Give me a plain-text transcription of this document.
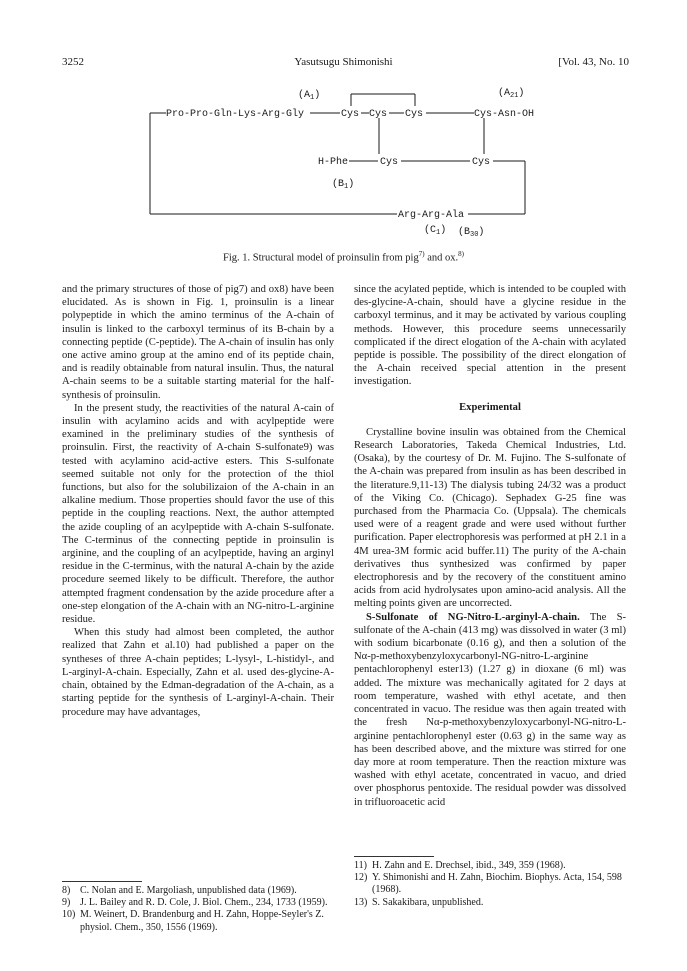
3252	Yasutsugu Shimonishi	[Vol. 43, No. 10
$(A_1)$	$(A_{21})$
Pro-Pro-Gln-Lys-Arg-Gly	Cys Cys Cys	Cys-Asn-OH
H-Phe	Cys	Cys
$(B_1)$
Arg-Arg-Ala
$(C_1)$ $(B_{30})$
Fig. 1. Structural model of proinsulin from pig$^{7)}$ and ox.$^{8)}$

and the primary structures of those of pig7) and ox8) have been elucidated. As is shown in Fig. 1, proinsulin is a linear polypeptide in which the amino terminus of the A-chain of insulin is linked to the carboxyl terminus of its B-chain by a connecting peptide (C-peptide). The A-chain of insulin has only one active amino group at the amino end of its peptide chain, and is readily obtainable from natural insulin. Thus, the natural A-chain seems to be a suitable starting material for the half-synthesis of proinsulin.

In the present study, the reactivities of the natural A-cain of insulin with acylamino acids and with acylpeptide were examined in the preliminary studies of the synthesis of proinsulin. First, the reactivity of A-chain S-sulfonate9) was tested with acylamino acid-active esters. This S-sulfonate seemed suitable not only for the protection of the thiol functions, but also for the solubilizaion of the A-chain in an alkaline medium. Those properties should favor the use of this peptide in the coupling reactions. Next, the author attempted the azide coupling of an acylpeptide with A-chain S-sulfonate. The C-terminus of the connecting peptide in proinsulin is arginine, and the coupling of an acylpeptide, having an arginyl residue in the C-terminus, with the natural A-chain by the azide procedure seemed likely to be difficult. Therefore, the author attempted fragment condensation by the azide procedure after a one-step elongation of the A-chain with an NG-nitro-L-arginine residue.

When this study had almost been completed, the author realized that Zahn et al.10) had published a paper on the syntheses of three A-chain peptides; L-lysyl-, L-histidyl-, and L-arginyl-A-chain. Especially, Zahn et al. used des-glycine-A-chain, obtained by the Edman-degradation of the A-chain, as a starting peptide for the synthesis of L-arginyl-A-chain. Their procedure may have advantages,

8) C. Nolan and E. Margoliash, unpublished data (1969).
9) J. L. Bailey and R. D. Cole, J. Biol. Chem., 234, 1733 (1959).
10) M. Weinert, D. Brandenburg and H. Zahn, Hoppe-Seyler's Z. physiol. Chem., 350, 1556 (1969).

since the acylated peptide, which is intended to be coupled with des-glycine-A-chain, should have a glycine residue in the carboxyl terminus, and it may be activated by various coupling methods. However, this procedure seems unnecessarily complicated if the direct elogation of the A-chain with acylated peptide is possible. The possibility of the direct elongation of the A-chain received special attention in the present investigation.

Experimental

Crystalline bovine insulin was obtained from the Chemical Research Laboratories, Takeda Chemical Industries, Ltd. (Osaka), by the courtesy of Dr. M. Fujino. The S-sulfonate of the A-chain was prepared from insulin as has been described in the literature.9,11-13) The dialysis tubing 24/32 was a product of the Viking Co. (Chicago). Sephadex G-25 fine was purchased from the Pharmacia Co. (Uppsala). The chemicals used were of a reagent grade and were used without further purification. Paper electrophoresis was performed at pH 2.1 in a 4M urea-3M formic acid buffer.11) The purity of the A-chain derivatives thus synthesized was confirmed by paper electrophoresis and by the recovery of the constituent amino acids from acid hydrolysates upon amino-acid analysis. All the melting points given are uncorrected.

S-Sulfonate of NG-Nitro-L-arginyl-A-chain. The S-sulfonate of the A-chain (413 mg) was dissolved in water (3 ml) with sodium bicarbonate (0.16 g), and then a solution of the Nα-p-methoxybenzyloxycarbonyl-NG-nitro-L-arginine pentachlorophenyl ester13) (1.27 g) in dioxane (6 ml) was added. The mixture was mechanically agitated for 2 days at room temperature, washed with ethyl acetate, and then concentrated in vacuo. The residue was then again treated with the fresh Nα-p-methoxybenzyloxycarbonyl-NG-nitro-L-arginine pentachlorophenyl ester (0.63 g) in the same way as has been described above, and the mixture was stirred for one day more at room temperature. Then the reaction mixture was washed with ethyl acetate, concentrated in vacuo, and dried over phosphorus pentoxide. The residual powder was dissolved in trifluoroacetic acid

11) H. Zahn and E. Drechsel, ibid., 349, 359 (1968).
12) Y. Shimonishi and H. Zahn, Biochim. Biophys. Acta, 154, 598 (1968).
13) S. Sakakibara, unpublished.
